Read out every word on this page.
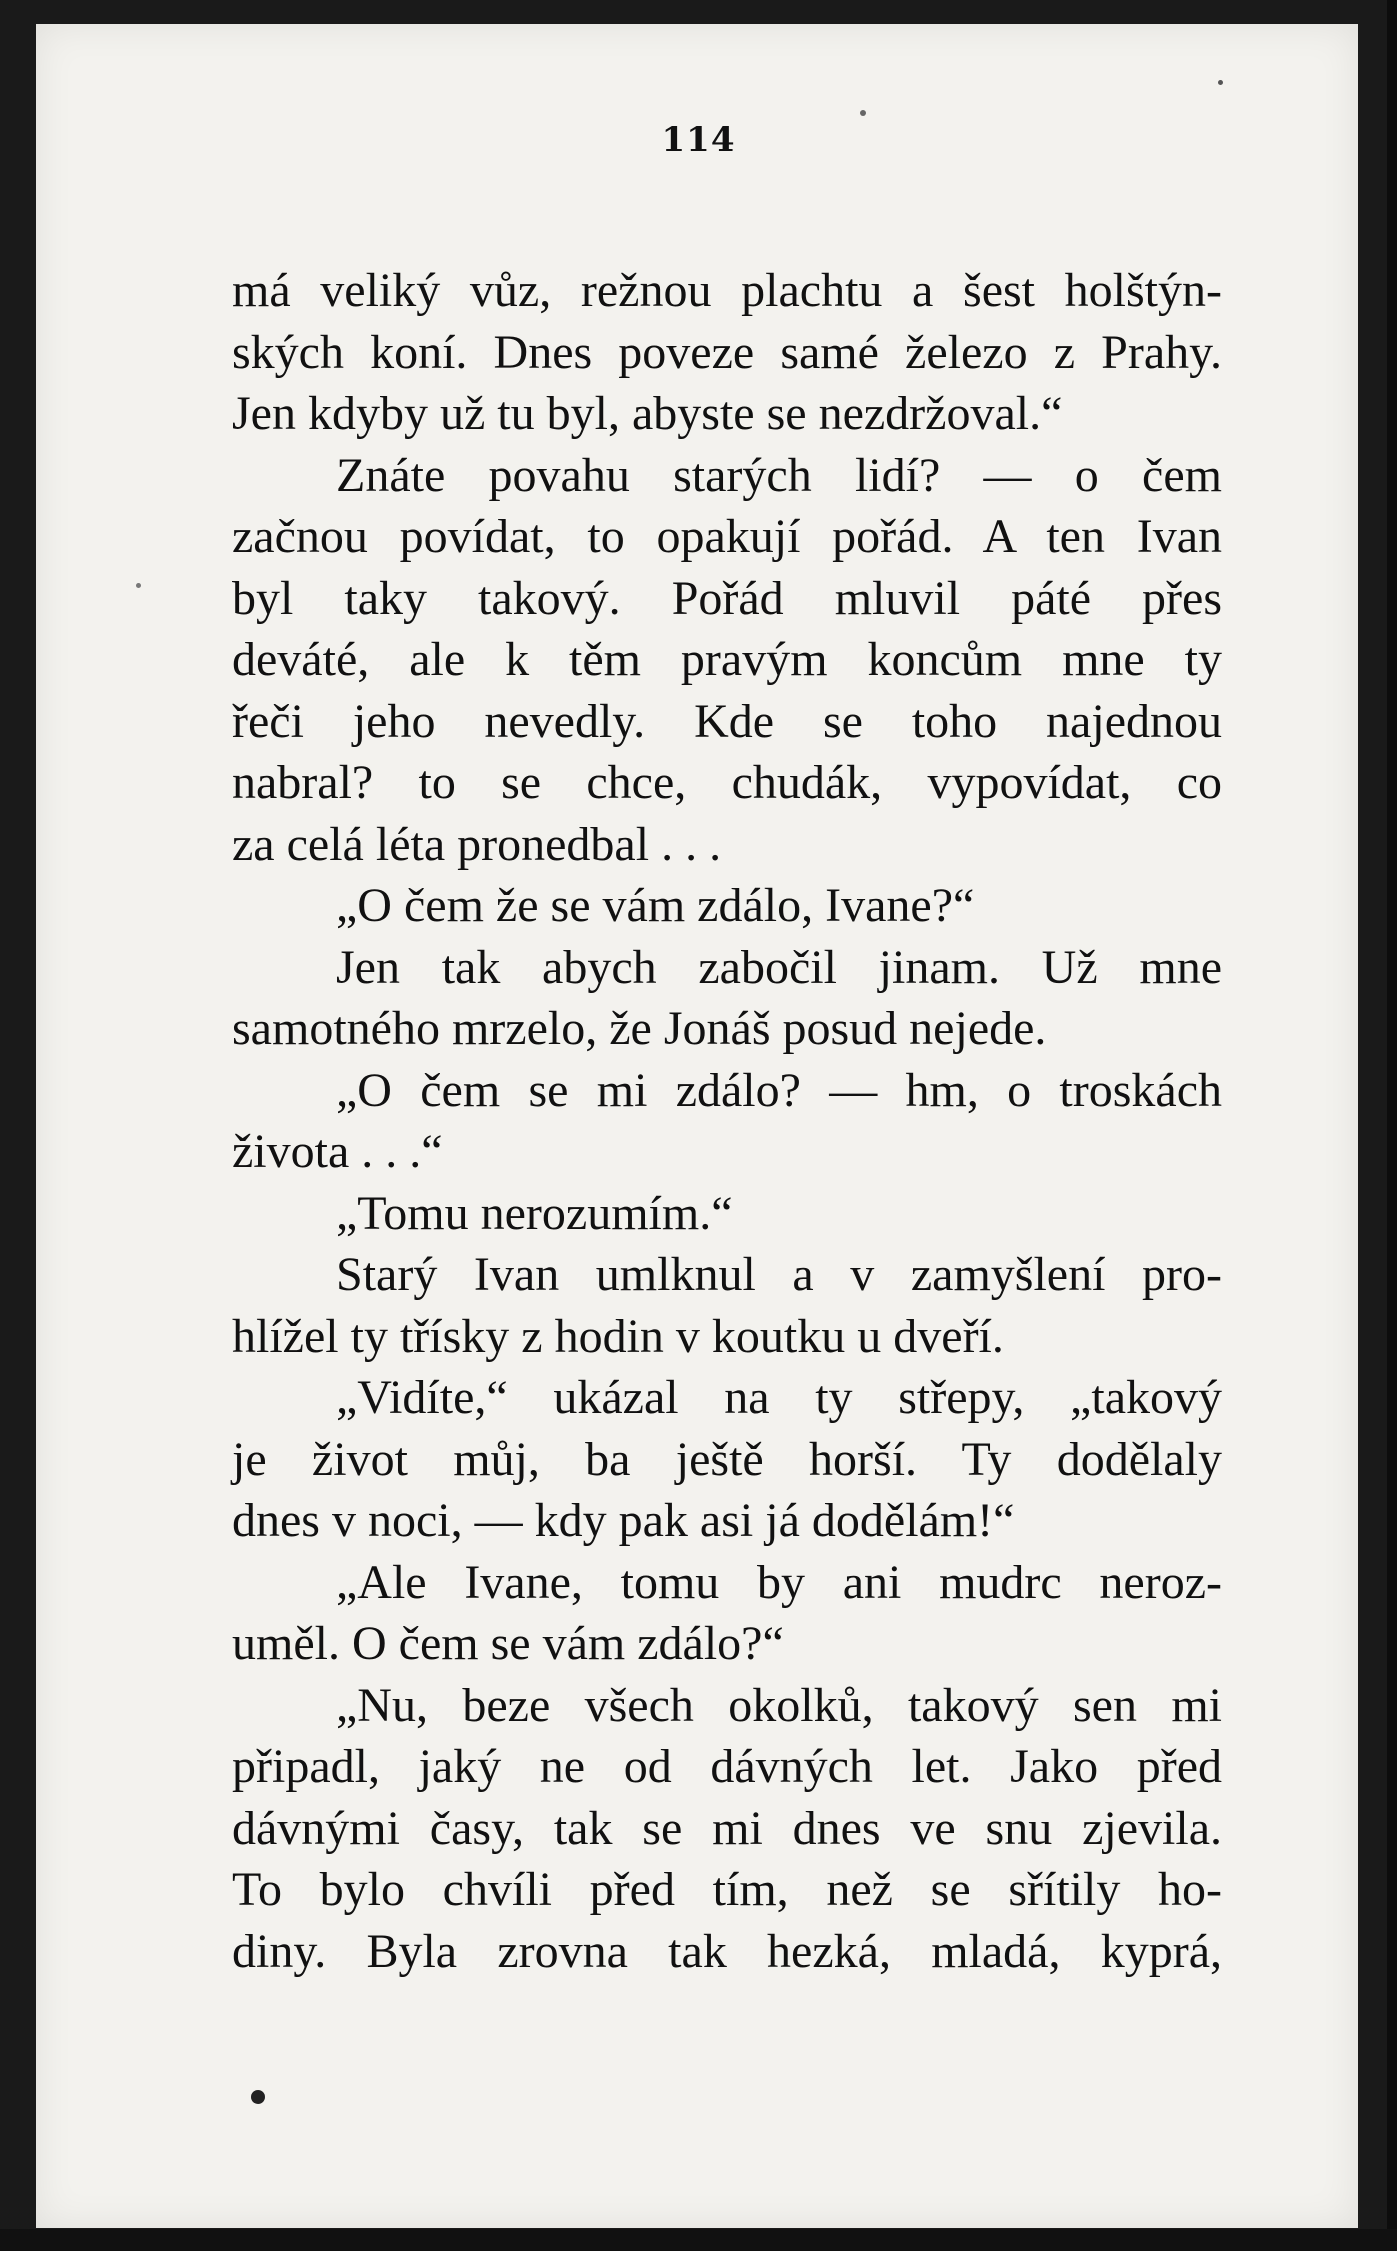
114
má veliký vůz, režnou plachtu a šest holštýn-
ských koní. Dnes poveze samé železo z Prahy.
Jen kdyby už tu byl, abyste se nezdržoval.“
Znáte povahu starých lidí? — o čem
začnou povídat, to opakují pořád. A ten Ivan
byl taky takový. Pořád mluvil páté přes
deváté, ale k těm pravým koncům mne ty
řeči jeho nevedly. Kde se toho najednou
nabral? to se chce, chudák, vypovídat, co
za celá léta pronedbal . . .
„O čem že se vám zdálo, Ivane?“
Jen tak abych zabočil jinam. Už mne
samotného mrzelo, že Jonáš posud nejede.
„O čem se mi zdálo? — hm, o troskách
života . . .“
„Tomu nerozumím.“
Starý Ivan umlknul a v zamyšlení pro-
hlížel ty třísky z hodin v koutku u dveří.
„Vidíte,“ ukázal na ty střepy, „takový
je život můj, ba ještě horší. Ty dodělaly
dnes v noci, — kdy pak asi já dodělám!“
„Ale Ivane, tomu by ani mudrc neroz-
uměl. O čem se vám zdálo?“
„Nu, beze všech okolků, takový sen mi
připadl, jaký ne od dávných let. Jako před
dávnými časy, tak se mi dnes ve snu zjevila.
To bylo chvíli před tím, než se sřítily ho-
diny. Byla zrovna tak hezká, mladá, kyprá,
